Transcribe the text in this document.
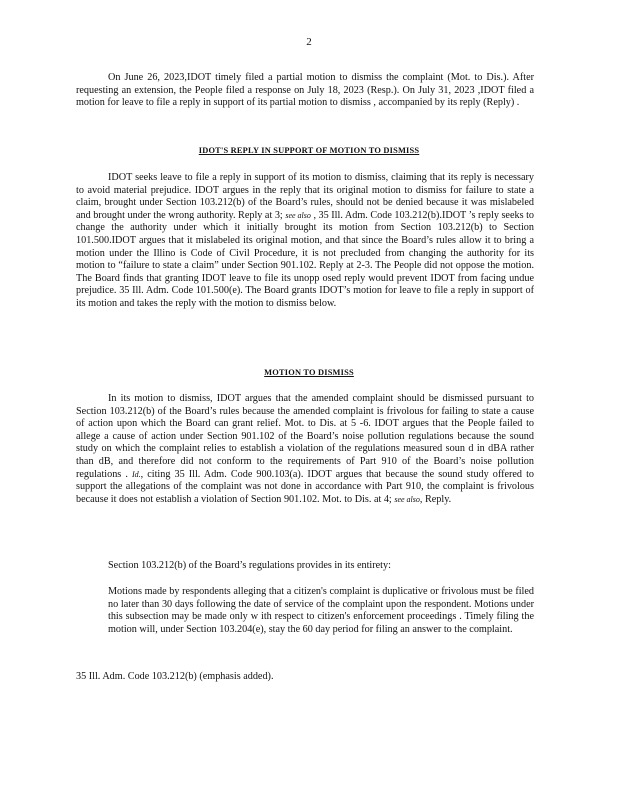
2

On June 26, 2023,IDOT timely filed a partial motion to dismiss the complaint (Mot. to Dis.). After requesting an extension, the People filed a response on July 18, 2023 (Resp.). On July 31, 2023 ,IDOT filed a motion for leave to file a reply in support of its partial motion to dismiss , accompanied by its reply (Reply) .

IDOT'S REPLY IN SUPPORT OF MOTION TO DISMISS

IDOT seeks leave to file a reply in support of its motion to dismiss, claiming that its reply is necessary to avoid material prejudice. IDOT argues in the reply that its original motion to dismiss for failure to state a claim, brought under Section 103.212(b) of the Board’s rules, should not be denied because it was mislabeled and brought under the wrong authority. Reply at 3; see also , 35 Ill. Adm. Code 103.212(b).IDOT ’s reply seeks to change the authority under which it initially brought its motion from Section 103.212(b) to Section 101.500.IDOT argues that it mislabeled its original motion, and that since the Board’s rules allow it to bring a motion under the Illino is Code of Civil Procedure, it is not precluded from changing the authority for its motion to “failure to state a claim” under Section 901.102. Reply at 2-3. The People did not oppose the motion. The Board finds that granting IDOT leave to file its unopp osed reply would prevent IDOT from facing undue prejudice. 35 Ill. Adm. Code 101.500(e). The Board grants IDOT’s motion for leave to file a reply in support of its motion and takes the reply with the motion to dismiss below.

MOTION TO DISMISS

In its motion to dismiss, IDOT argues that the amended complaint should be dismissed pursuant to Section 103.212(b) of the Board’s rules because the amended complaint is frivolous for failing to state a cause of action upon which the Board can grant relief. Mot. to Dis. at 5 -6. IDOT argues that the People failed to allege a cause of action under Section 901.102 of the Board’s noise pollution regulations because the sound study on which the complaint relies to establish a violation of the regulations measured soun d in dBA rather than dB, and therefore did not conform to the requirements of Part 910 of the Board’s noise pollution regulations . Id., citing 35 Ill. Adm. Code 900.103(a). IDOT argues that because the sound study offered to support the allegations of the complaint was not done in accordance with Part 910, the complaint is frivolous because it does not establish a violation of Section 901.102. Mot. to Dis. at 4; see also, Reply.

Section 103.212(b) of the Board’s regulations provides in its entirety:

Motions made by respondents alleging that a citizen's complaint is duplicative or frivolous must be filed no later than 30 days following the date of service of the complaint upon the respondent. Motions under this subsection may be made only w ith respect to citizen's enforcement proceedings . Timely filing the motion will, under Section 103.204(e), stay the 60 day period for filing an answer to the complaint.

35 Ill. Adm. Code 103.212(b) (emphasis added).
